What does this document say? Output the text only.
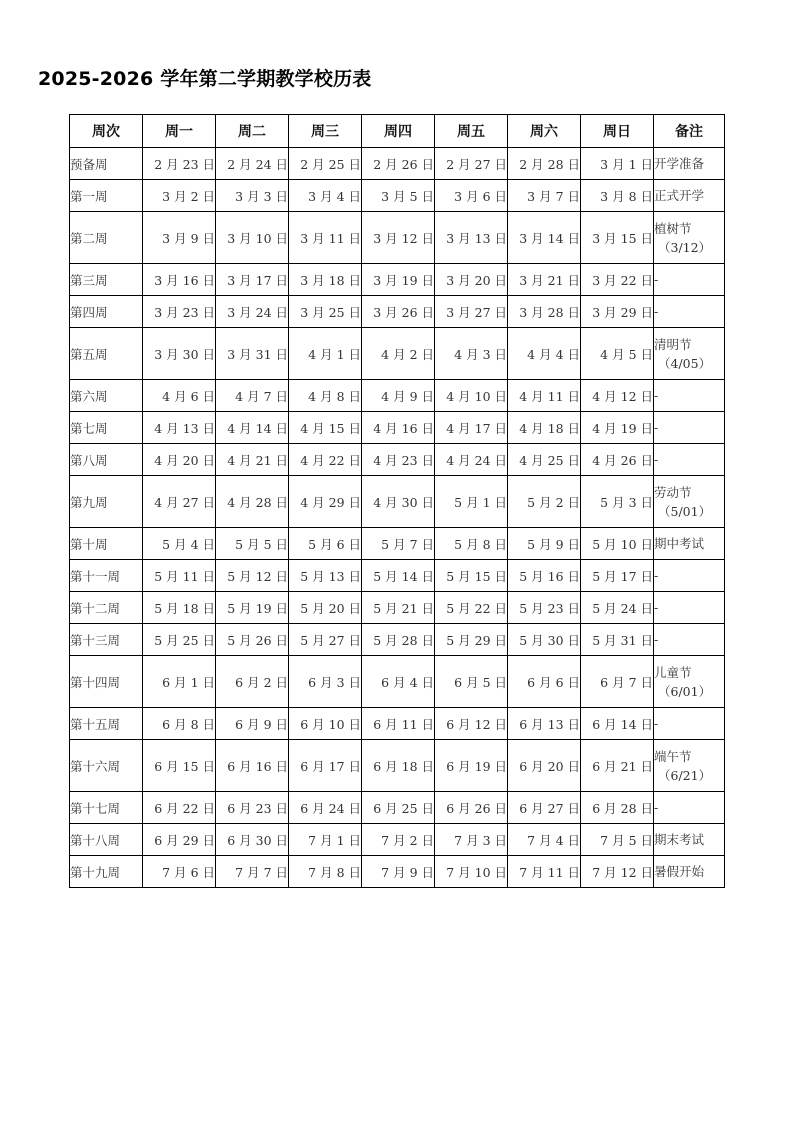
2025-2026 学年第二学期教学校历表
周次	周一	周二	周三	周四	周五	周六	周日	备注
预备周	2 月 23 日	2 月 24 日	2 月 25 日	2 月 26 日	2 月 27 日	2 月 28 日	3 月 1 日	开学准备

第一周	3 月 2 日	3 月 3 日	3 月 4 日	3 月 5 日	3 月 6 日	3 月 7 日	3 月 8 日	正式开学

第二周	3 月 9 日	3 月 10 日	3 月 11 日	3 月 12 日	3 月 13 日	3 月 14 日	3 月 15 日	植树节
（3/12）

第三周	3 月 16 日	3 月 17 日	3 月 18 日	3 月 19 日	3 月 20 日	3 月 21 日	3 月 22 日	-

第四周	3 月 23 日	3 月 24 日	3 月 25 日	3 月 26 日	3 月 27 日	3 月 28 日	3 月 29 日	-

第五周	3 月 30 日	3 月 31 日	4 月 1 日	4 月 2 日	4 月 3 日	4 月 4 日	4 月 5 日	清明节
（4/05）

第六周	4 月 6 日	4 月 7 日	4 月 8 日	4 月 9 日	4 月 10 日	4 月 11 日	4 月 12 日	-

第七周	4 月 13 日	4 月 14 日	4 月 15 日	4 月 16 日	4 月 17 日	4 月 18 日	4 月 19 日	-

第八周	4 月 20 日	4 月 21 日	4 月 22 日	4 月 23 日	4 月 24 日	4 月 25 日	4 月 26 日	-

第九周	4 月 27 日	4 月 28 日	4 月 29 日	4 月 30 日	5 月 1 日	5 月 2 日	5 月 3 日	劳动节
（5/01）

第十周	5 月 4 日	5 月 5 日	5 月 6 日	5 月 7 日	5 月 8 日	5 月 9 日	5 月 10 日	期中考试

第十一周	5 月 11 日	5 月 12 日	5 月 13 日	5 月 14 日	5 月 15 日	5 月 16 日	5 月 17 日	-

第十二周	5 月 18 日	5 月 19 日	5 月 20 日	5 月 21 日	5 月 22 日	5 月 23 日	5 月 24 日	-

第十三周	5 月 25 日	5 月 26 日	5 月 27 日	5 月 28 日	5 月 29 日	5 月 30 日	5 月 31 日	-

第十四周	6 月 1 日	6 月 2 日	6 月 3 日	6 月 4 日	6 月 5 日	6 月 6 日	6 月 7 日	儿童节
（6/01）

第十五周	6 月 8 日	6 月 9 日	6 月 10 日	6 月 11 日	6 月 12 日	6 月 13 日	6 月 14 日	-

第十六周	6 月 15 日	6 月 16 日	6 月 17 日	6 月 18 日	6 月 19 日	6 月 20 日	6 月 21 日	端午节
（6/21）

第十七周	6 月 22 日	6 月 23 日	6 月 24 日	6 月 25 日	6 月 26 日	6 月 27 日	6 月 28 日	-

第十八周	6 月 29 日	6 月 30 日	7 月 1 日	7 月 2 日	7 月 3 日	7 月 4 日	7 月 5 日	期末考试

第十九周	7 月 6 日	7 月 7 日	7 月 8 日	7 月 9 日	7 月 10 日	7 月 11 日	7 月 12 日	暑假开始
